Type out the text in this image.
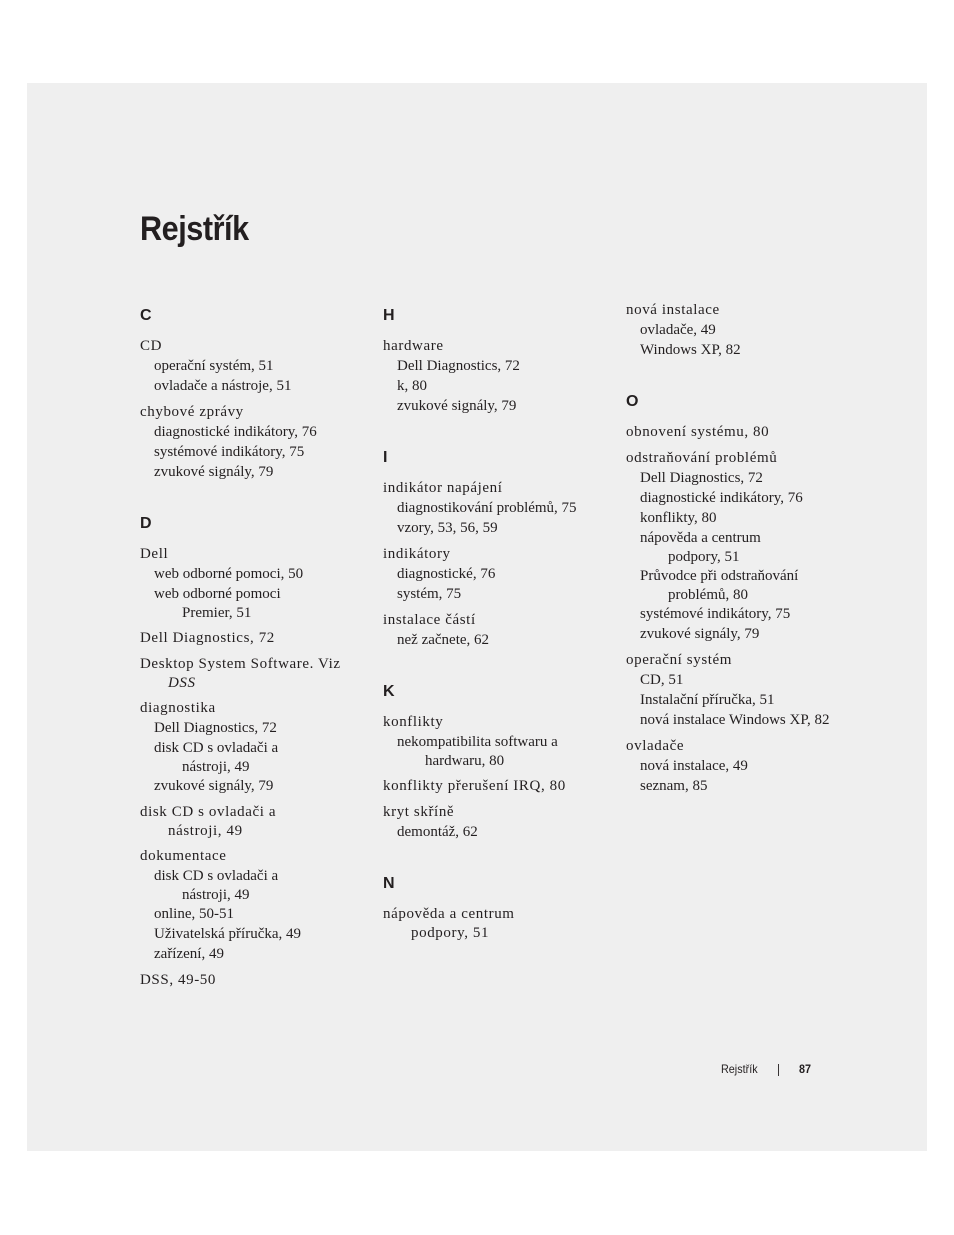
Rejstřík
C
CD
operační systém, 51
ovladače a nástroje, 51
chybové zprávy
diagnostické indikátory, 76
systémové indikátory, 75
zvukové signály, 79
D
Dell
web odborné pomoci, 50
web odborné pomoci
Premier, 51
Dell Diagnostics, 72
Desktop System Software. Viz
DSS
diagnostika
Dell Diagnostics, 72
disk CD s ovladači a
nástroji, 49
zvukové signály, 79
disk CD s ovladači a
nástroji, 49
dokumentace
disk CD s ovladači a
nástroji, 49
online, 50-51
Uživatelská příručka, 49
zařízení, 49
DSS, 49-50
H
hardware
Dell Diagnostics, 72
k, 80
zvukové signály, 79
I
indikátor napájení
diagnostikování problémů, 75
vzory, 53, 56, 59
indikátory
diagnostické, 76
systém, 75
instalace částí
než začnete, 62
K
konflikty
nekompatibilita softwaru a
hardwaru, 80
konflikty přerušení IRQ, 80
kryt skříně
demontáž, 62
N
nápověda a centrum
podpory, 51
nová instalace
ovladače, 49
Windows XP, 82
O
obnovení systému, 80
odstraňování problémů
Dell Diagnostics, 72
diagnostické indikátory, 76
konflikty, 80
nápověda a centrum
podpory, 51
Průvodce při odstraňování
problémů, 80
systémové indikátory, 75
zvukové signály, 79
operační systém
CD, 51
Instalační příručka, 51
nová instalace Windows XP, 82
ovladače
nová instalace, 49
seznam, 85
Rejstřík	87
